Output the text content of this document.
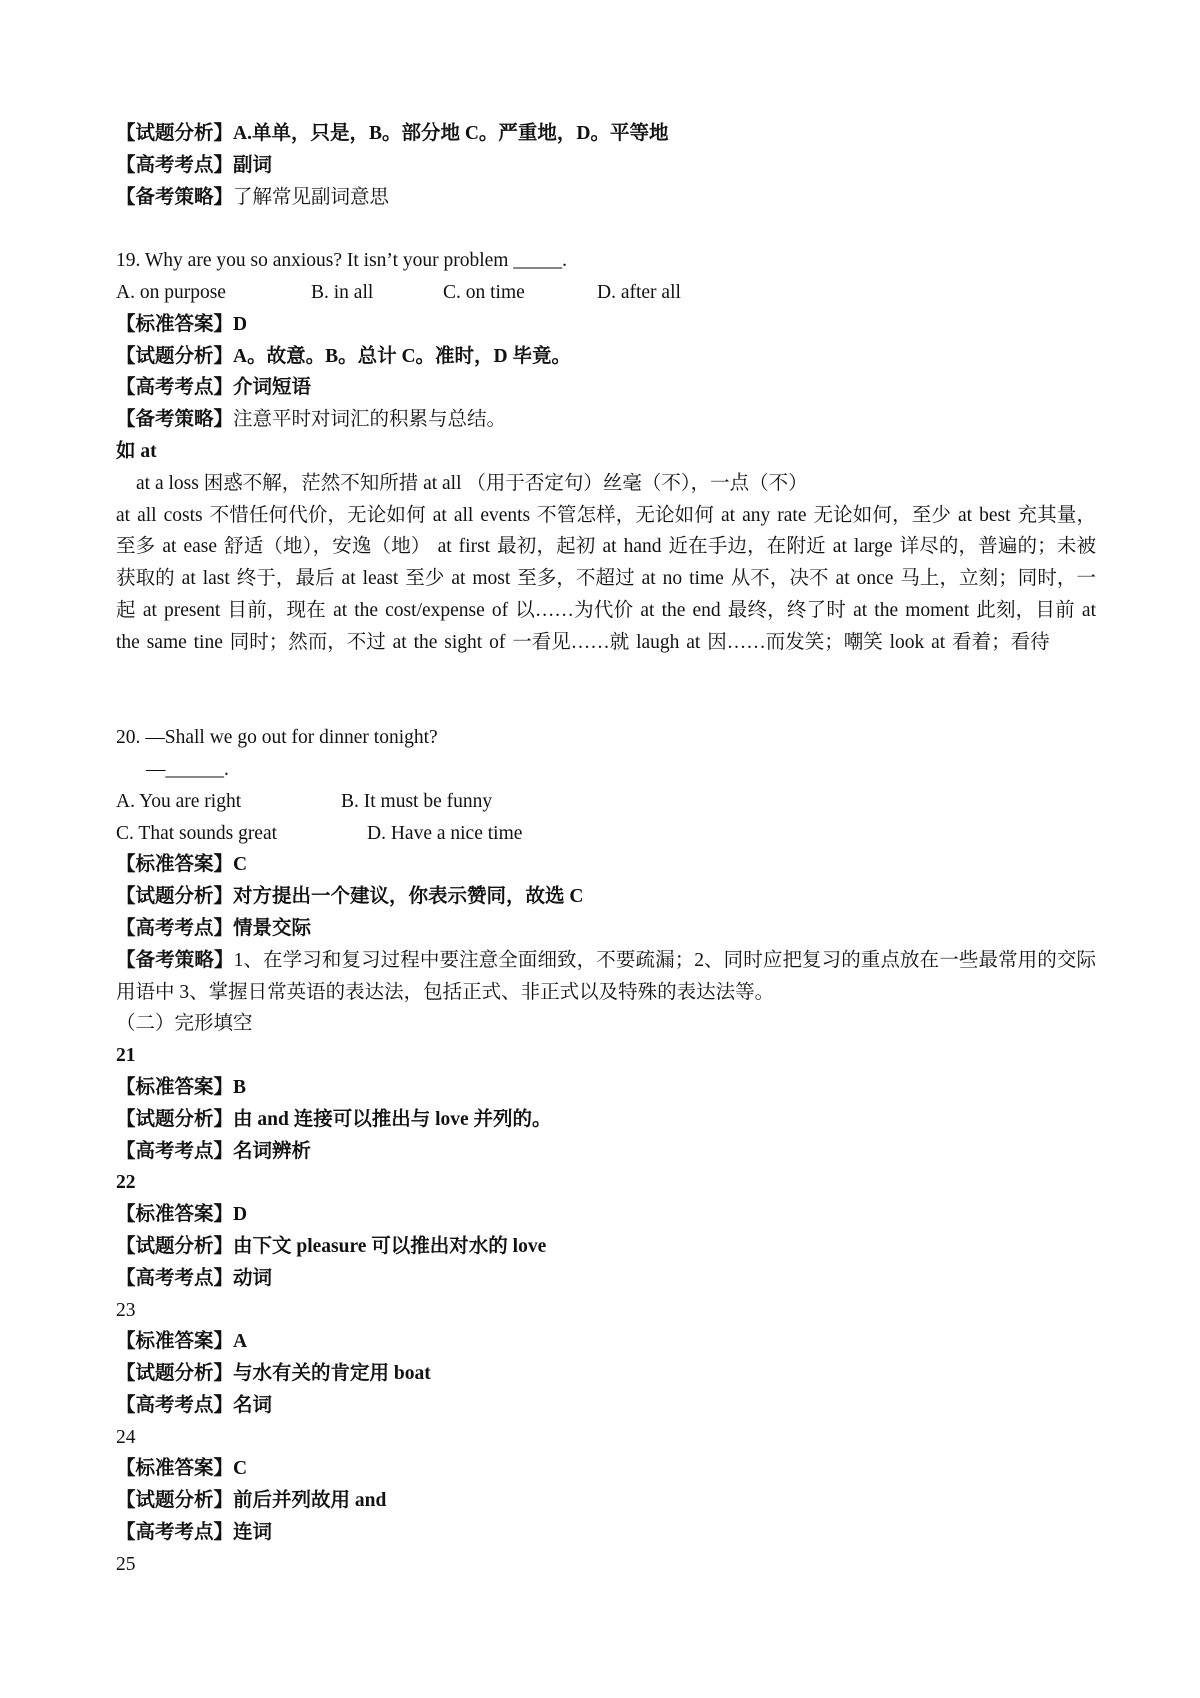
【试题分析】A.单单，只是，B。部分地 C。严重地，D。平等地
【高考考点】副词
【备考策略】了解常见副词意思
19. Why are you so anxious? It isn’t your problem _____.
A. on purpose	B. in all	C. on time	D. after all
【标准答案】D
【试题分析】A。故意。B。总计 C。准时，D 毕竟。
【高考考点】介词短语
【备考策略】注意平时对词汇的积累与总结。
如 at
at a loss 困惑不解，茫然不知所措 at all （用于否定句）丝毫（不），一点（不）
at all costs 不惜任何代价，无论如何 at all events 不管怎样，无论如何 at any rate 无论如何，至少 at best 充其量，至多 at ease 舒适（地），安逸（地） at first 最初，起初 at hand 近在手边，在附近 at large 详尽的，普遍的；未被获取的 at last 终于，最后 at least 至少 at most 至多，不超过 at no time 从不，决不 at once 马上，立刻；同时，一起 at present 目前，现在 at the cost/expense of 以……为代价 at the end 最终，终了时 at the moment 此刻，目前 at the same tine 同时；然而，不过 at the sight of 一看见……就 laugh at 因……而发笑；嘲笑 look at 看着；看待
20. —Shall we go out for dinner tonight?
—______.
A. You are right	B. It must be funny
C. That sounds great	D. Have a nice time
【标准答案】C
【试题分析】对方提出一个建议，你表示赞同，故选 C
【高考考点】情景交际
【备考策略】1、在学习和复习过程中要注意全面细致，不要疏漏；2、同时应把复习的重点放在一些最常用的交际用语中 3、掌握日常英语的表达法，包括正式、非正式以及特殊的表达法等。
（二）完形填空
21
【标准答案】B
【试题分析】由 and 连接可以推出与 love 并列的。
【高考考点】名词辨析
22
【标准答案】D
【试题分析】由下文 pleasure 可以推出对水的 love
【高考考点】动词
23
【标准答案】A
【试题分析】与水有关的肯定用 boat
【高考考点】名词
24
【标准答案】C
【试题分析】前后并列故用 and
【高考考点】连词
25
